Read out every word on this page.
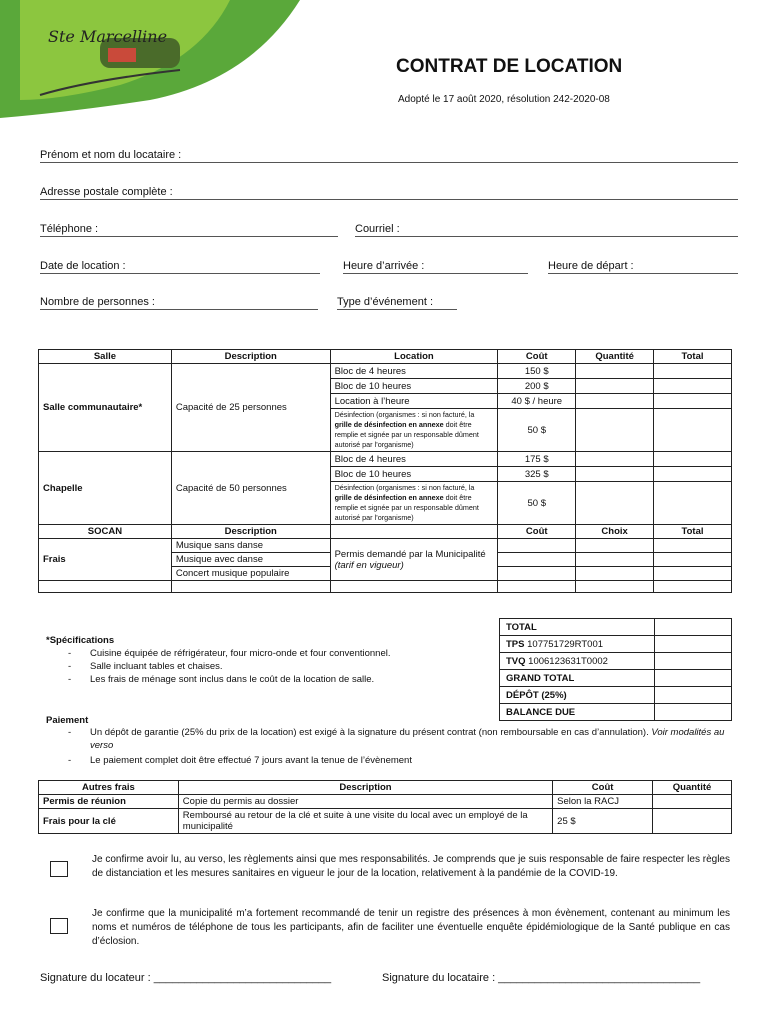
Ste Marcelline
CONTRAT DE LOCATION
Adopté le 17 août 2020, résolution 242-2020-08
Prénom et nom du locataire :
Adresse postale complète :
Téléphone :	Courriel :
Date de location :	Heure d’arrivée :	Heure de départ :
Nombre de personnes :	Type d’événement :
Salle	Description	Location	Coût	Quantité	Total
Salle communautaire*	Capacité de 25 personnes	Bloc de 4 heures	150 $		
		Bloc de 10 heures	200 $		
		Location à l’heure	40 $ / heure		
		Désinfection (organismes : si non facturé, la grille de désinfection en annexe doit être remplie et signée par un responsable dûment autorisé par l’organisme)	50 $		
Chapelle	Capacité de 50 personnes	Bloc de 4 heures	175 $		
		Bloc de 10 heures	325 $		
		Désinfection (organismes : si non facturé, la grille de désinfection en annexe doit être remplie et signée par un responsable dûment autorisé par l’organisme)	50 $		
SOCAN	Description		Coût	Choix	Total
Frais	Musique sans danse	Permis demandé par la Municipalité (tarif en vigueur)			
	Musique avec danse				
	Concert musique populaire				

TOTAL	
TPS 107751729RT001	
TVQ 1006123631T0002	
GRAND TOTAL	
DÉPÔT (25%)	
BALANCE DUE	
*Spécifications
- Cuisine équipée de réfrigérateur, four micro-onde et four conventionnel.
- Salle incluant tables et chaises.
- Les frais de ménage sont inclus dans le coût de la location de salle.
Paiement
- Un dépôt de garantie (25% du prix de la location) est exigé à la signature du présent contrat (non remboursable en cas d’annulation). Voir modalités au verso
- Le paiement complet doit être effectué 7 jours avant la tenue de l’évènement
Autres frais	Description	Coût	Quantité
Permis de réunion	Copie du permis au dossier	Selon la RACJ	
Frais pour la clé	Remboursé au retour de la clé et suite à une visite du local avec un employé de la municipalité	25 $	
Je confirme avoir lu, au verso, les règlements ainsi que mes responsabilités. Je comprends que je suis responsable de faire respecter les règles de distanciation et les mesures sanitaires en vigueur le jour de la location, relativement à la pandémie de la COVID-19.
Je confirme que la municipalité m’a fortement recommandé de tenir un registre des présences à mon évènement, contenant au minimum les noms et numéros de téléphone de tous les participants, afin de faciliter une éventuelle enquête épidémiologique de la Santé publique en cas d’éclosion.
Signature du locateur : _____________________________	Signature du locataire : _________________________________
